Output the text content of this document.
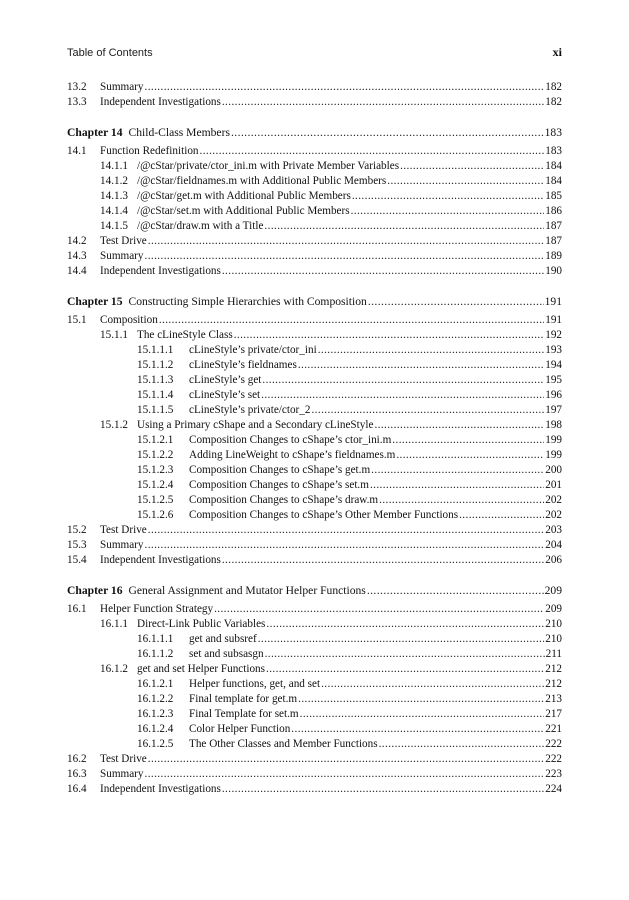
Table of Contents	xi
13.2	Summary .....	182
13.3	Independent Investigations .....	182
Chapter 14 Child-Class Members .....	183
14.1	Function Redefinition .....	183
14.1.1 /@cStar/private/ctor_ini.m with Private Member Variables .....	184
14.1.2 /@cStar/fieldnames.m with Additional Public Members .....	184
14.1.3 /@cStar/get.m with Additional Public Members .....	185
14.1.4 /@cStar/set.m with Additional Public Members .....	186
14.1.5 /@cStar/draw.m with a Title .....	187
14.2	Test Drive .....	187
14.3	Summary .....	189
14.4	Independent Investigations .....	190
Chapter 15 Constructing Simple Hierarchies with Composition .....	191
15.1	Composition .....	191
15.1.1 The cLineStyle Class .....	192
15.1.1.1	cLineStyle’s private/ctor_ini .....	193
15.1.1.2	cLineStyle’s fieldnames .....	194
15.1.1.3	cLineStyle’s get .....	195
15.1.1.4	cLineStyle’s set .....	196
15.1.1.5	cLineStyle’s private/ctor_2 .....	197
15.1.2 Using a Primary cShape and a Secondary cLineStyle .....	198
15.1.2.1	Composition Changes to cShape’s ctor_ini.m .....	199
15.1.2.2	Adding LineWeight to cShape’s fieldnames.m .....	199
15.1.2.3	Composition Changes to cShape’s get.m .....	200
15.1.2.4	Composition Changes to cShape’s set.m .....	201
15.1.2.5	Composition Changes to cShape’s draw.m .....	202
15.1.2.6	Composition Changes to cShape’s Other Member Functions .....	202
15.2	Test Drive .....	203
15.3	Summary .....	204
15.4	Independent Investigations .....	206
Chapter 16 General Assignment and Mutator Helper Functions .....	209
16.1	Helper Function Strategy .....	209
16.1.1 Direct-Link Public Variables .....	210
16.1.1.1	get and subsref .....	210
16.1.1.2	set and subsasgn .....	211
16.1.2 get and set Helper Functions .....	212
16.1.2.1	Helper functions, get, and set .....	212
16.1.2.2	Final template for get.m .....	213
16.1.2.3	Final Template for set.m .....	217
16.1.2.4	Color Helper Function .....	221
16.1.2.5	The Other Classes and Member Functions .....	222
16.2	Test Drive .....	222
16.3	Summary .....	223
16.4	Independent Investigations .....	224
